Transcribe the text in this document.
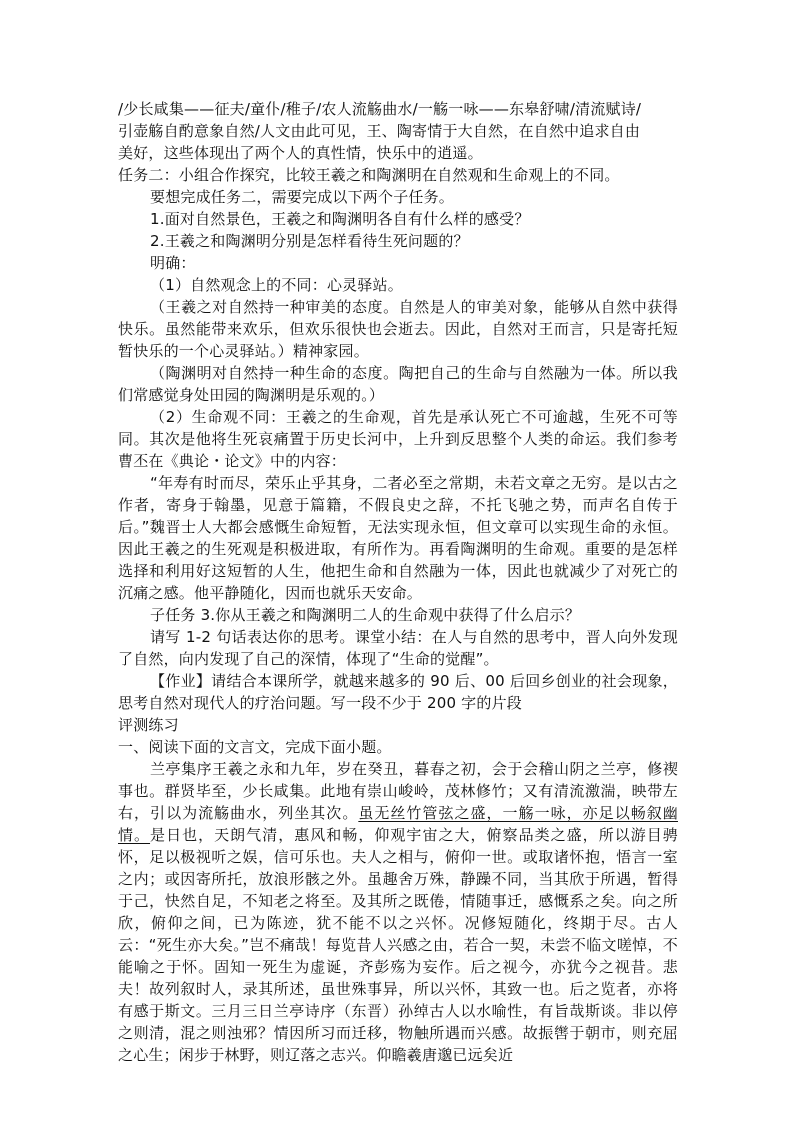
/少长咸集——征夫/童仆/稚子/农人流觞曲水/一觞一咏——东皋舒啸/清流赋诗/

引壶觞自酌意象自然/人文由此可见，王、陶寄情于大自然，在自然中追求自由

美好，这些体现出了两个人的真性情，快乐中的逍遥。

任务二：小组合作探究，比较王羲之和陶渊明在自然观和生命观上的不同。

要想完成任务二，需要完成以下两个子任务。

1.面对自然景色，王羲之和陶渊明各自有什么样的感受？

2.王羲之和陶渊明分别是怎样看待生死问题的？

明确：

（1）自然观念上的不同：心灵驿站。

（王羲之对自然持一种审美的态度。自然是人的审美对象，能够从自然中获得快乐。虽然能带来欢乐，但欢乐很快也会逝去。因此，自然对王而言，只是寄托短暂快乐的一个心灵驿站。）精神家园。

（陶渊明对自然持一种生命的态度。陶把自己的生命与自然融为一体。所以我们常感觉身处田园的陶渊明是乐观的。）

（2）生命观不同：王羲之的生命观，首先是承认死亡不可逾越，生死不可等同。其次是他将生死哀痛置于历史长河中，上升到反思整个人类的命运。我们参考曹丕在《典论・论文》中的内容：

“年寿有时而尽，荣乐止乎其身，二者必至之常期，未若文章之无穷。是以古之作者，寄身于翰墨，见意于篇籍，不假良史之辞，不托飞驰之势，而声名自传于后。”魏晋士人大都会感慨生命短暂，无法实现永恒，但文章可以实现生命的永恒。因此王羲之的生死观是积极进取，有所作为。再看陶渊明的生命观。重要的是怎样选择和利用好这短暂的人生，他把生命和自然融为一体，因此也就减少了对死亡的沉痛之感。他平静随化，因而也就乐天安命。

子任务 3.你从王羲之和陶渊明二人的生命观中获得了什么启示？

请写 1-2 句话表达你的思考。课堂小结：在人与自然的思考中，晋人向外发现了自然，向内发现了自己的深情，体现了“生命的觉醒”。

【作业】请结合本课所学，就越来越多的 90 后、00 后回乡创业的社会现象，思考自然对现代人的疗治问题。写一段不少于 200 字的片段

评测练习

一、阅读下面的文言文，完成下面小题。

兰亭集序王羲之永和九年，岁在癸丑，暮春之初，会于会稽山阴之兰亭，修禊事也。群贤毕至，少长咸集。此地有崇山峻岭，茂林修竹；又有清流激湍，映带左右，引以为流觞曲水，列坐其次。虽无丝竹管弦之盛，一觞一咏，亦足以畅叙幽情。是日也，天朗气清，惠风和畅，仰观宇宙之大，俯察品类之盛，所以游目骋怀，足以极视听之娱，信可乐也。夫人之相与，俯仰一世。或取诸怀抱，悟言一室之内；或因寄所托，放浪形骸之外。虽趣舍万殊，静躁不同，当其欣于所遇，暂得于己，快然自足，不知老之将至。及其所之既倦，情随事迁，感慨系之矣。向之所欣，俯仰之间，已为陈迹，犹不能不以之兴怀。况修短随化，终期于尽。古人云：“死生亦大矣。”岂不痛哉！每览昔人兴感之由，若合一契，未尝不临文嗟悼，不能喻之于怀。固知一死生为虚诞，齐彭殇为妄作。后之视今，亦犹今之视昔。悲夫！故列叙时人，录其所述，虽世殊事异，所以兴怀，其致一也。后之览者，亦将有感于斯文。三月三日兰亭诗序（东晋）孙绰古人以水喻性，有旨哉斯谈。非以停之则清，混之则浊邪？情因所习而迁移，物触所遇而兴感。故振辔于朝市，则充屈之心生；闲步于林野，则辽落之志兴。仰瞻羲唐邈已远矣近
